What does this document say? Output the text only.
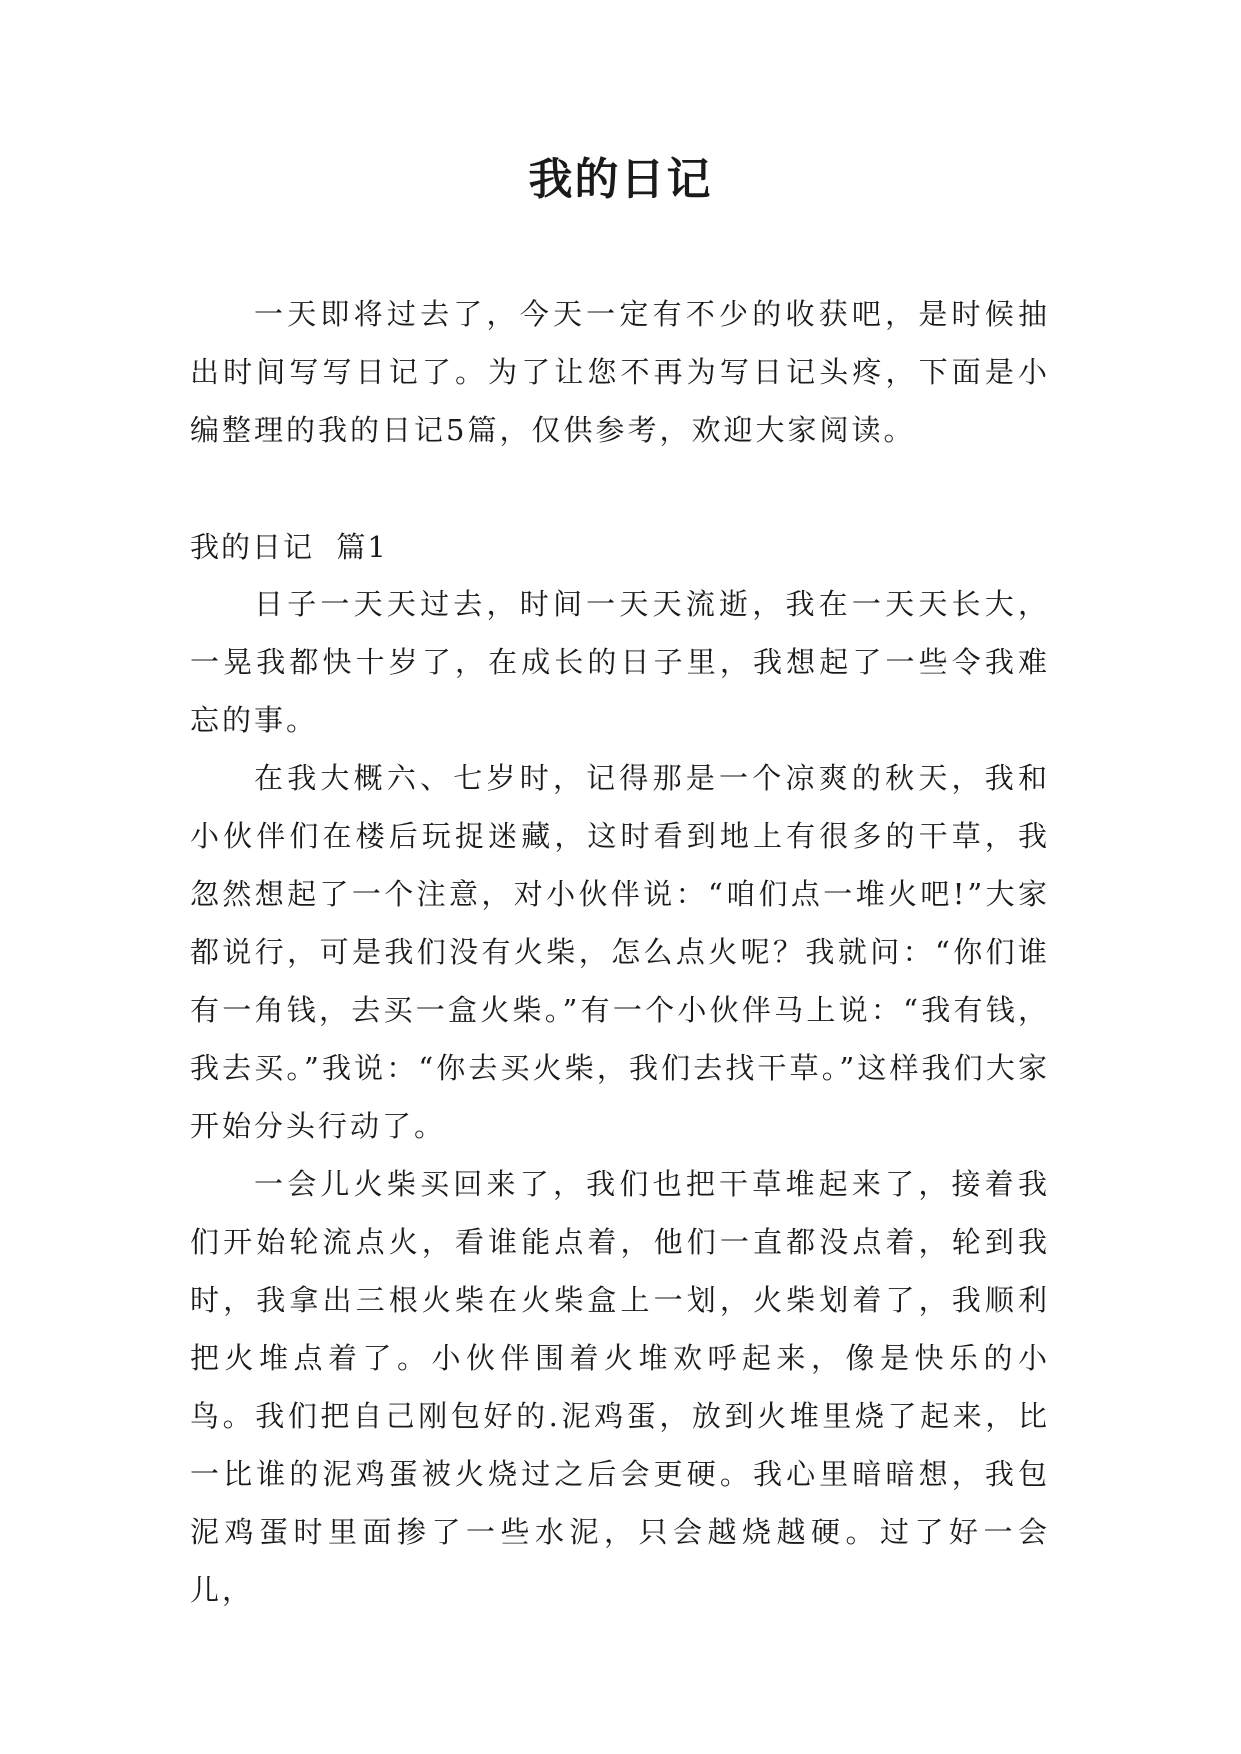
我的日记

一天即将过去了，今天一定有不少的收获吧，是时候抽出时间写写日记了。为了让您不再为写日记头疼，下面是小编整理的我的日记5篇，仅供参考，欢迎大家阅读。

我的日记  篇1

日子一天天过去，时间一天天流逝，我在一天天长大，一晃我都快十岁了，在成长的日子里，我想起了一些令我难忘的事。

在我大概六、七岁时，记得那是一个凉爽的秋天，我和小伙伴们在楼后玩捉迷藏，这时看到地上有很多的干草，我忽然想起了一个注意，对小伙伴说：“咱们点一堆火吧!”大家都说行，可是我们没有火柴，怎么点火呢？我就问：“你们谁有一角钱，去买一盒火柴。”有一个小伙伴马上说：“我有钱，我去买。”我说：“你去买火柴，我们去找干草。”这样我们大家开始分头行动了。

一会儿火柴买回来了，我们也把干草堆起来了，接着我们开始轮流点火，看谁能点着，他们一直都没点着，轮到我时，我拿出三根火柴在火柴盒上一划，火柴划着了，我顺利把火堆点着了。小伙伴围着火堆欢呼起来，像是快乐的小鸟。我们把自己刚包好的.泥鸡蛋，放到火堆里烧了起来，比一比谁的泥鸡蛋被火烧过之后会更硬。我心里暗暗想，我包泥鸡蛋时里面掺了一些水泥，只会越烧越硬。过了好一会儿，
